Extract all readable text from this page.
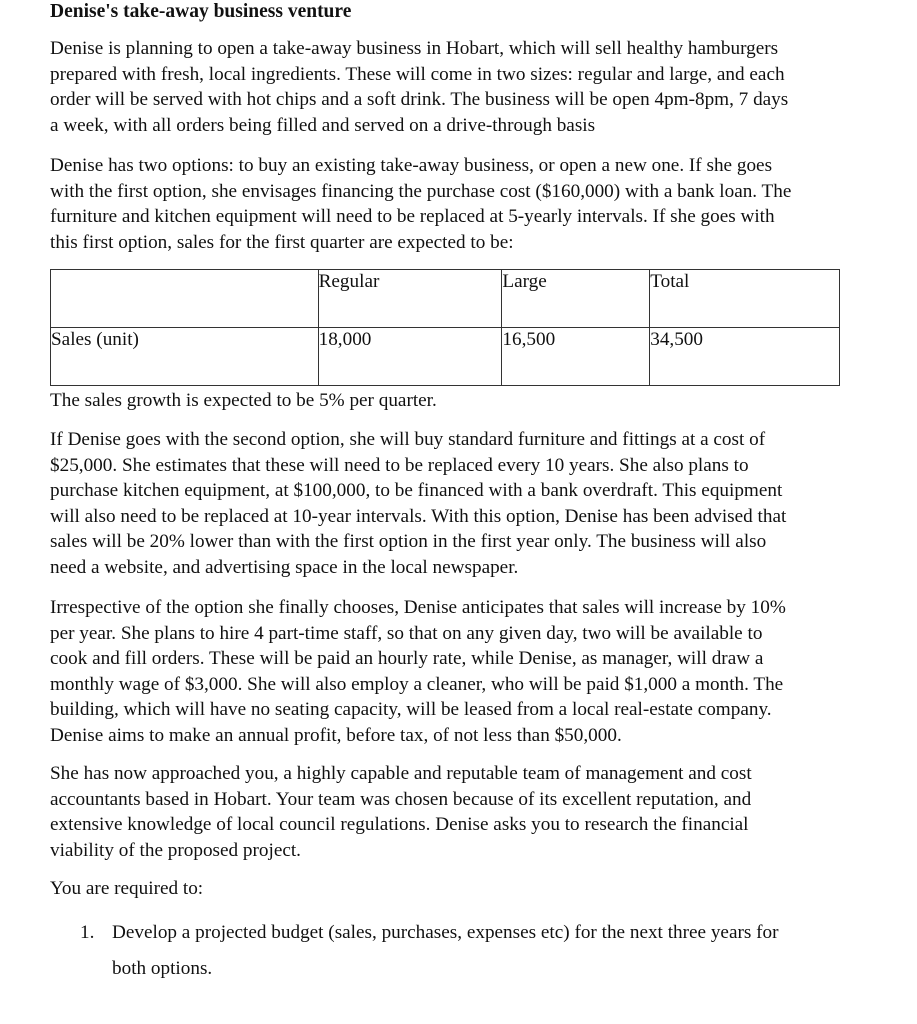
Denise's take-away business venture

Denise is planning to open a take-away business in Hobart, which will sell healthy hamburgers
prepared with fresh, local ingredients. These will come in two sizes: regular and large, and each
order will be served with hot chips and a soft drink. The business will be open 4pm-8pm, 7 days
a week, with all orders being filled and served on a drive-through basis

Denise has two options: to buy an existing take-away business, or open a new one. If she goes
with the first option, she envisages financing the purchase cost ($160,000) with a bank loan. The
furniture and kitchen equipment will need to be replaced at 5-yearly intervals. If she goes with
this first option, sales for the first quarter are expected to be:

	Regular	Large	Total
Sales (unit)	18,000	16,500	34,500

The sales growth is expected to be 5% per quarter.

If Denise goes with the second option, she will buy standard furniture and fittings at a cost of
$25,000. She estimates that these will need to be replaced every 10 years. She also plans to
purchase kitchen equipment, at $100,000, to be financed with a bank overdraft. This equipment
will also need to be replaced at 10-year intervals. With this option, Denise has been advised that
sales will be 20% lower than with the first option in the first year only. The business will also
need a website, and advertising space in the local newspaper.

Irrespective of the option she finally chooses, Denise anticipates that sales will increase by 10%
per year. She plans to hire 4 part-time staff, so that on any given day, two will be available to
cook and fill orders. These will be paid an hourly rate, while Denise, as manager, will draw a
monthly wage of $3,000. She will also employ a cleaner, who will be paid $1,000 a month. The
building, which will have no seating capacity, will be leased from a local real-estate company.
Denise aims to make an annual profit, before tax, of not less than $50,000.

She has now approached you, a highly capable and reputable team of management and cost
accountants based in Hobart. Your team was chosen because of its excellent reputation, and
extensive knowledge of local council regulations. Denise asks you to research the financial
viability of the proposed project.

You are required to:

1. Develop a projected budget (sales, purchases, expenses etc) for the next three years for
both options.
